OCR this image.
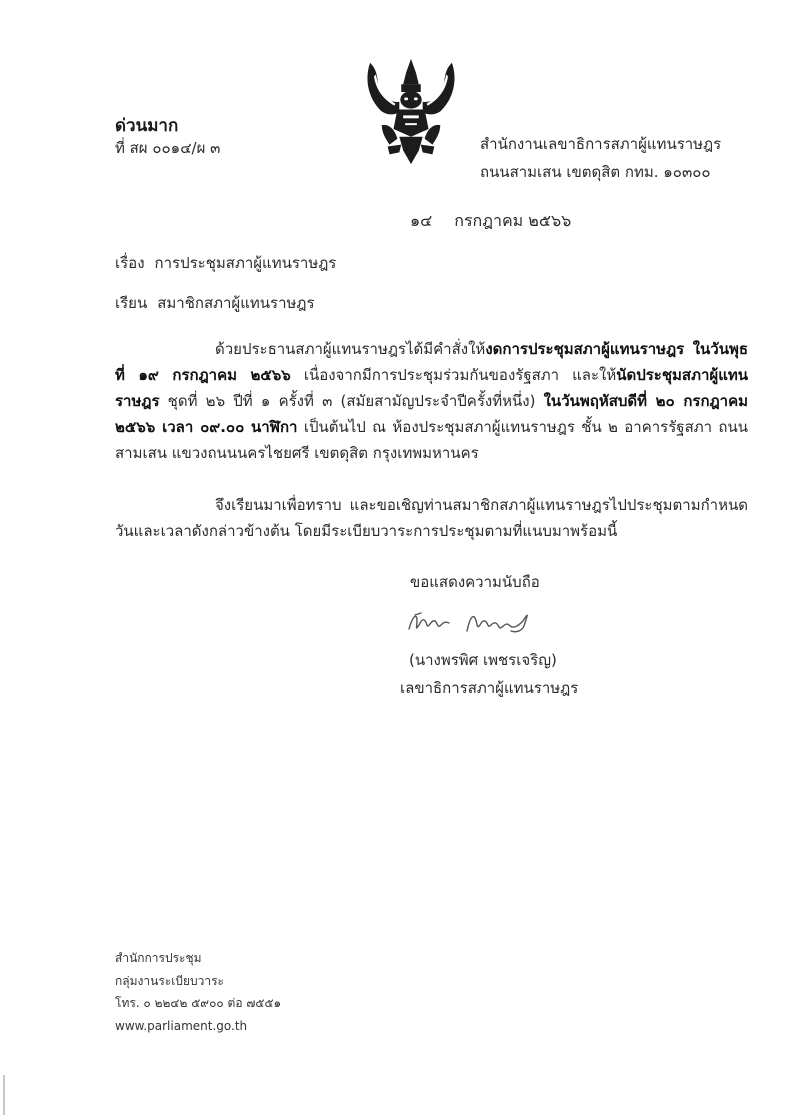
ด่วนมาก
ที่ สผ ๐๐๑๔/ผ ๓	สำนักงานเลขาธิการสภาผู้แทนราษฎร
ถนนสามเสน เขตดุสิต กทม. ๑๐๓๐๐
๑๔ กรกฎาคม ๒๕๖๖
เรื่อง การประชุมสภาผู้แทนราษฎร
เรียน สมาชิกสภาผู้แทนราษฎร
ด้วยประธานสภาผู้แทนราษฎรได้มีคำสั่งให้งดการประชุมสภาผู้แทนราษฎร ในวันพุธที่ ๑๙ กรกฎาคม ๒๕๖๖ เนื่องจากมีการประชุมร่วมกันของรัฐสภา และให้นัดประชุมสภาผู้แทนราษฎร ชุดที่ ๒๖ ปีที่ ๑ ครั้งที่ ๓ (สมัยสามัญประจำปีครั้งที่หนึ่ง) ในวันพฤหัสบดีที่ ๒๐ กรกฎาคม ๒๕๖๖ เวลา ๐๙.๐๐ นาฬิกา เป็นต้นไป ณ ห้องประชุมสภาผู้แทนราษฎร ชั้น ๒ อาคารรัฐสภา ถนนสามเสน แขวงถนนนครไชยศรี เขตดุสิต กรุงเทพมหานคร
จึงเรียนมาเพื่อทราบ และขอเชิญท่านสมาชิกสภาผู้แทนราษฎรไปประชุมตามกำหนดวันและเวลาดังกล่าวข้างต้น โดยมีระเบียบวาระการประชุมตามที่แนบมาพร้อมนี้
ขอแสดงความนับถือ
(นางพรพิศ เพชรเจริญ)
เลขาธิการสภาผู้แทนราษฎร
สำนักการประชุม
กลุ่มงานระเบียบวาระ
โทร. ๐ ๒๒๔๒ ๕๙๐๐ ต่อ ๗๕๕๑
www.parliament.go.th
